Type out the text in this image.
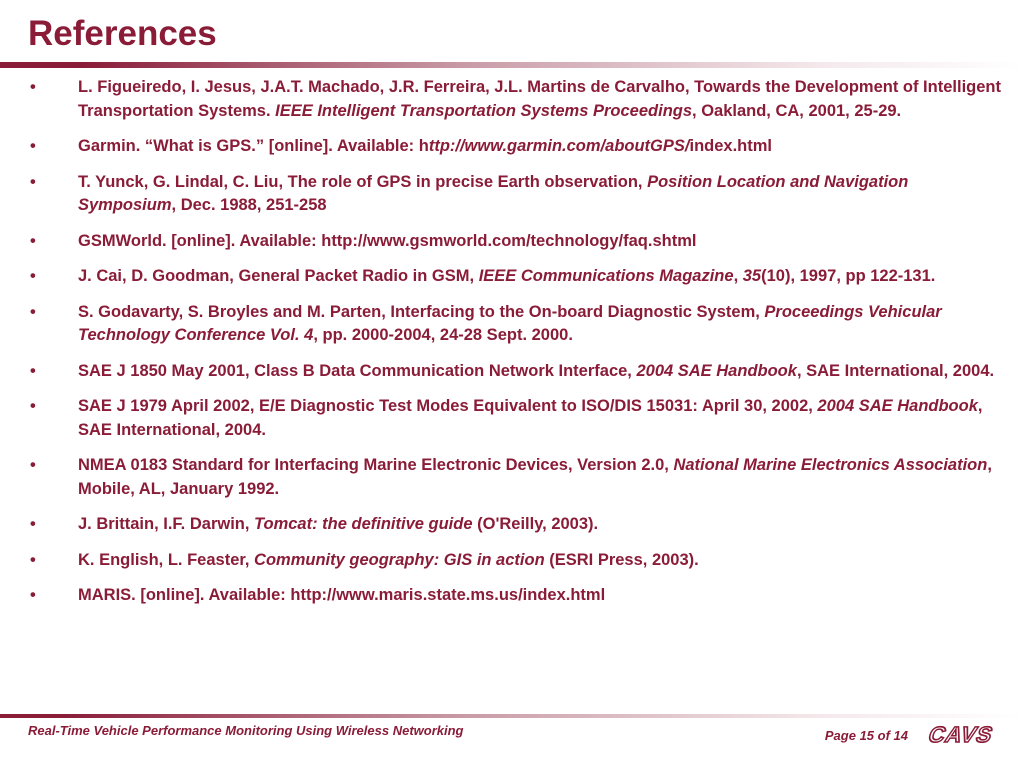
References
•	L. Figueiredo, I. Jesus, J.A.T. Machado, J.R. Ferreira, J.L. Martins de Carvalho, Towards the Development of Intelligent Transportation Systems. IEEE Intelligent Transportation Systems Proceedings, Oakland, CA, 2001, 25-29.
•	Garmin. “What is GPS.” [online]. Available: http://www.garmin.com/aboutGPS/index.html
•	T. Yunck, G. Lindal, C. Liu, The role of GPS in precise Earth observation, Position Location and Navigation Symposium, Dec. 1988, 251-258
•	GSMWorld. [online]. Available: http://www.gsmworld.com/technology/faq.shtml
•	J. Cai, D. Goodman, General Packet Radio in GSM, IEEE Communications Magazine, 35(10), 1997, pp 122-131.
•	S. Godavarty, S. Broyles and M. Parten, Interfacing to the On-board Diagnostic System, Proceedings Vehicular Technology Conference Vol. 4, pp. 2000-2004, 24-28 Sept. 2000.
•	SAE J 1850 May 2001, Class B Data Communication Network Interface, 2004 SAE Handbook, SAE International, 2004.
•	SAE J 1979 April 2002, E/E Diagnostic Test Modes Equivalent to ISO/DIS 15031: April 30, 2002, 2004 SAE Handbook, SAE International, 2004.
•	NMEA 0183 Standard for Interfacing Marine Electronic Devices, Version 2.0, National Marine Electronics Association, Mobile, AL, January 1992.
•	J. Brittain, I.F. Darwin, Tomcat: the definitive guide (O'Reilly, 2003).
•	K. English, L. Feaster, Community geography: GIS in action (ESRI Press, 2003).
•	MARIS. [online]. Available: http://www.maris.state.ms.us/index.html
Real-Time Vehicle Performance Monitoring Using Wireless Networking	Page 15 of 14 CAVS
